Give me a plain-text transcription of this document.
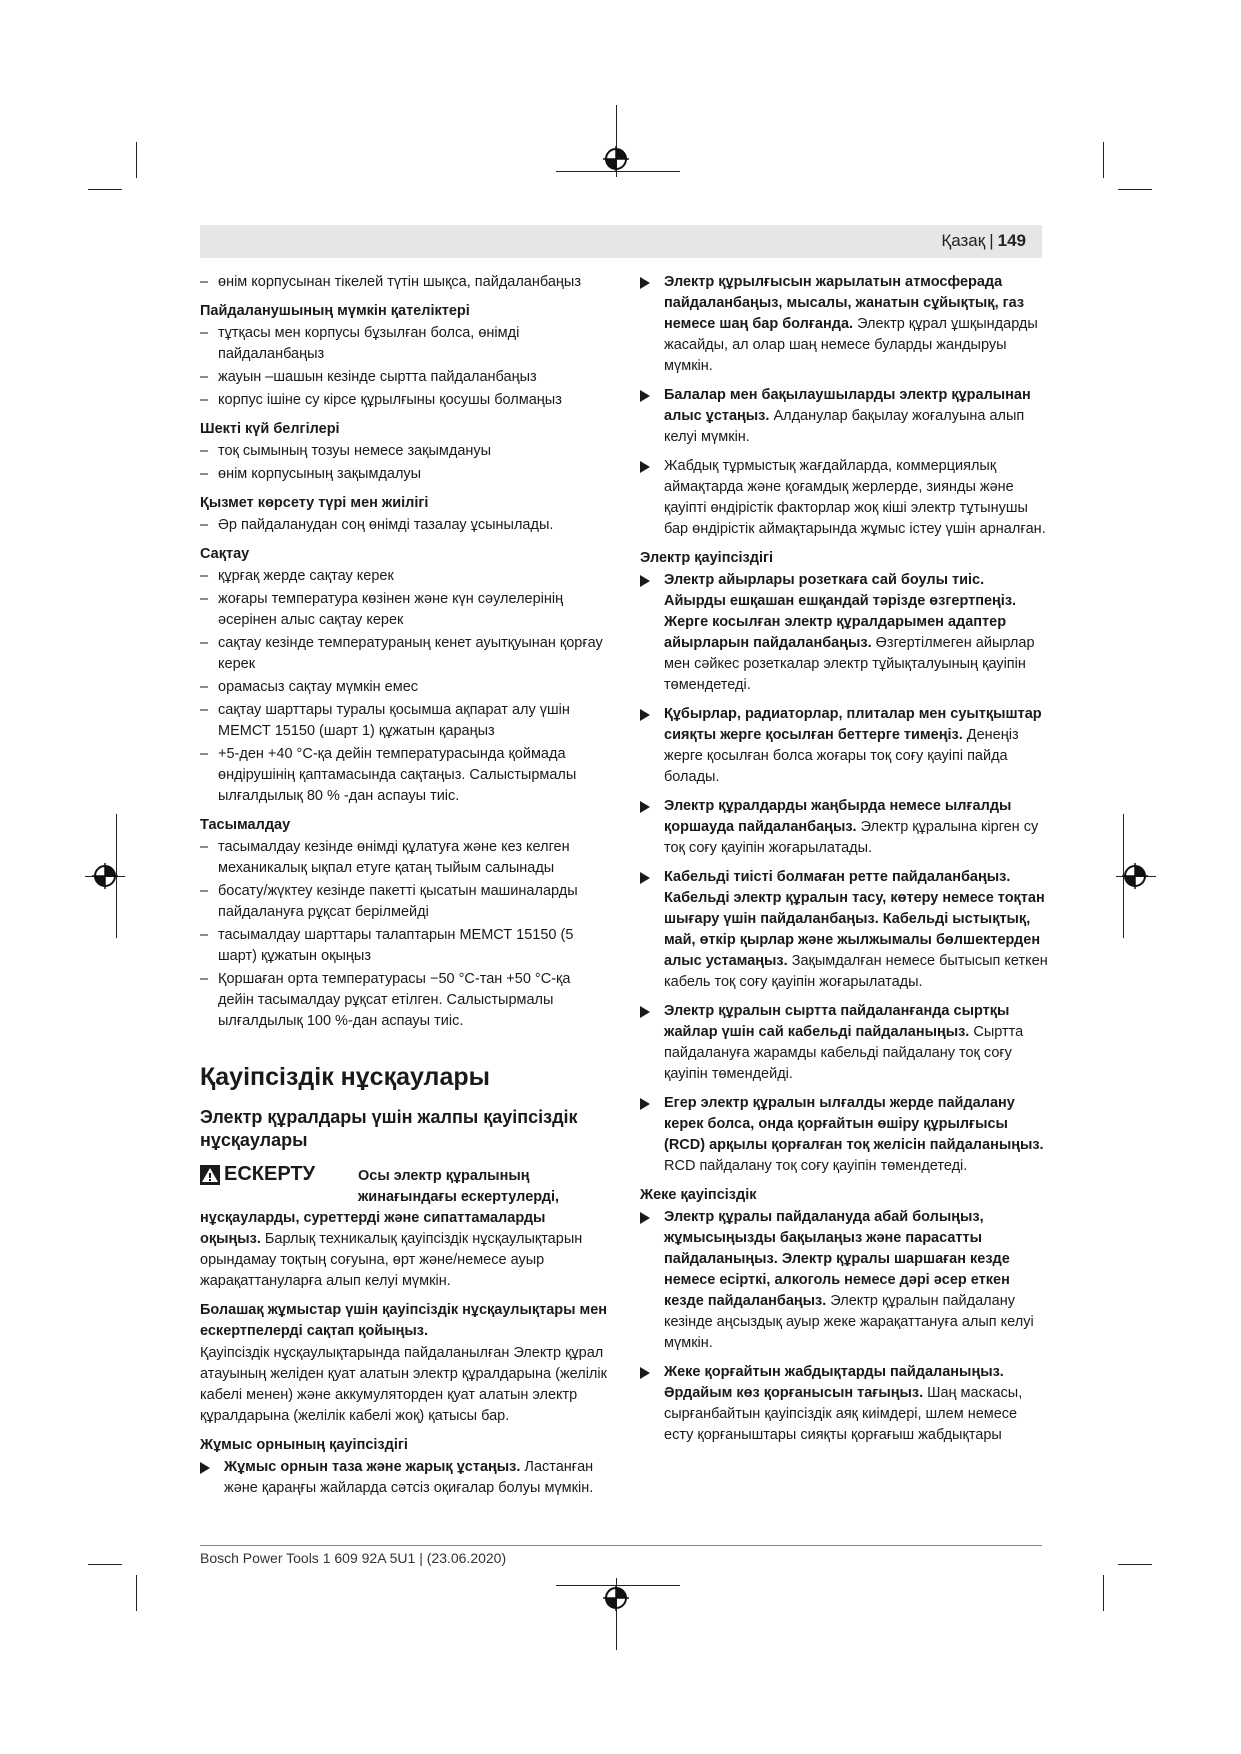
Қазақ | 149
– өнім корпусынан тікелей түтін шықса, пайдаланбаңыз
Пайдаланушының мүмкін қателіктері
– тұтқасы мен корпусы бұзылған болса, өнімді пайдаланбаңыз
– жауын –шашын кезінде сыртта пайдаланбаңыз
– корпус ішіне су кірсе құрылғыны қосушы болмаңыз
Шекті күй белгілері
– тоқ сымының тозуы немесе зақымдануы
– өнім корпусының зақымдалуы
Қызмет көрсету түрі мен жиілігі
– Әр пайдаланудан соң өнімді тазалау ұсынылады.
Сақтау
– құрғақ жерде сақтау керек
– жоғары температура көзінен және күн сәулелерінің әсерінен алыс сақтау керек
– сақтау кезінде температураның кенет ауытқуынан қорғау керек
– орамасыз сақтау мүмкін емес
– сақтау шарттары туралы қосымша ақпарат алу үшін МЕМСТ 15150 (шарт 1) құжатын қараңыз
– +5-ден +40 °C-қа дейін температурасында қоймада өндірушінің қаптамасында сақтаңыз. Салыстырмалы ылғалдылық 80 % -дан аспауы тиіс.
Тасымалдау
– тасымалдау кезінде өнімді құлатуға және кез келген механикалық ықпал етуге қатаң тыйым салынады
– босату/жүктеу кезінде пакетті қысатын машиналарды пайдалануға рұқсат берілмейді
– тасымалдау шарттары талаптарын МЕМСТ 15150 (5 шарт) құжатын оқыңыз
– Қоршаған орта температурасы −50 °C-тан +50 °C-қа дейін тасымалдау рұқсат етілген. Салыстырмалы ылғалдылық 100 %-дан аспауы тиіс.
Қауіпсіздік нұсқаулары
Электр құралдары үшін жалпы қауіпсіздік нұсқаулары
ЕСКЕРТУ	Осы электр құралының жинағындағы ескертулерді,
нұсқауларды, суреттерді және сипаттамаларды оқыңыз. Барлық техникалық қауіпсіздік нұсқаулықтарын орындамау тоқтың соғуына, өрт және/немесе ауыр жарақаттануларға алып келуі мүмкін.
Болашақ жұмыстар үшін қауіпсіздік нұсқаулықтары мен ескертпелерді сақтап қойыңыз.
Қауіпсіздік нұсқаулықтарында пайдаланылған Электр құрал атауының желіден қуат алатын электр құралдарына (желілік кабелі менен) және аккумуляторден қуат алатын электр құралдарына (желілік кабелі жоқ) қатысы бар.
Жұмыс орнының қауіпсіздігі
Жұмыс орнын таза және жарық ұстаңыз. Ластанған және қараңғы жайларда сәтсіз оқиғалар болуы мүмкін.
Электр құрылғысын жарылатын атмосферада пайдаланбаңыз, мысалы, жанатын сұйықтық, газ немесе шаң бар болғанда. Электр құрал ұшқындарды жасайды, ал олар шаң немесе буларды жандыруы мүмкін.
Балалар мен бақылаушыларды электр құралынан алыс ұстаңыз. Алданулар бақылау жоғалуына алып келуі мүмкін.
Жабдық тұрмыстық жағдайларда, коммерциялық аймақтарда және қоғамдық жерлерде, зиянды және қауіпті өндірістік факторлар жоқ кіші электр тұтынушы бар өндірістік аймақтарында жұмыс істеу үшін арналған.
Электр қауіпсіздігі
Электр айырлары розеткаға сай боулы тиіс. Айырды ешқашан ешқандай тәрізде өзгертпеңіз. Жерге косылған электр құралдарымен адаптер айырларын пайдаланбаңыз. Өзгертілмеген айырлар мен сәйкес розеткалар электр тұйықталуының қауіпін төмендетеді.
Құбырлар, радиаторлар, плиталар мен суытқыштар сияқты жерге қосылған беттерге тимеңіз. Денеңіз жерге қосылған болса жоғары тоқ соғу қауіпі пайда болады.
Электр құралдарды жаңбырда немесе ылғалды қоршауда пайдаланбаңыз. Электр құралына кірген су тоқ соғу қауіпін жоғарылатады.
Кабельді тиісті болмаған ретте пайдаланбаңыз. Кабельді электр құралын тасу, көтеру немесе тоқтан шығару үшін пайдаланбаңыз. Кабельді ыстықтық, май, өткір қырлар және жылжымалы бөлшектерден алыс устамаңыз. Зақымдалған немесе бытысып кеткен кабель тоқ соғу қауіпін жоғарылатады.
Электр құралын сыртта пайдаланғанда сыртқы жайлар үшін сай кабельді пайдаланыңыз. Сыртта пайдалануға жарамды кабельді пайдалану тоқ соғу қауіпін төмендейді.
Егер электр құралын ылғалды жерде пайдалану керек болса, онда қорғайтын өшіру құрылғысы (RCD) арқылы қорғалған тоқ желісін пайдаланыңыз. RCD пайдалану тоқ соғу қауіпін төмендетеді.
Жеке қауіпсіздік
Электр құралы пайдалануда абай болыңыз, жұмысыңызды бақылаңыз және парасатты пайдаланыңыз. Электр құралы шаршаған кезде немесе есірткі, алкоголь немесе дәрі әсер еткен кезде пайдаланбаңыз. Электр құралын пайдалану кезінде аңсыздық ауыр жеке жарақаттануға алып келуі мүмкін.
Жеке қорғайтын жабдықтарды пайдаланыңыз. Әрдайым көз қорғанысын тағыңыз. Шаң маскасы, сырғанбайтын қауіпсіздік аяқ киімдері, шлем немесе есту қорғаныштары сияқты қорғағыш жабдықтары
Bosch Power Tools 1 609 92A 5U1 | (23.06.2020)
